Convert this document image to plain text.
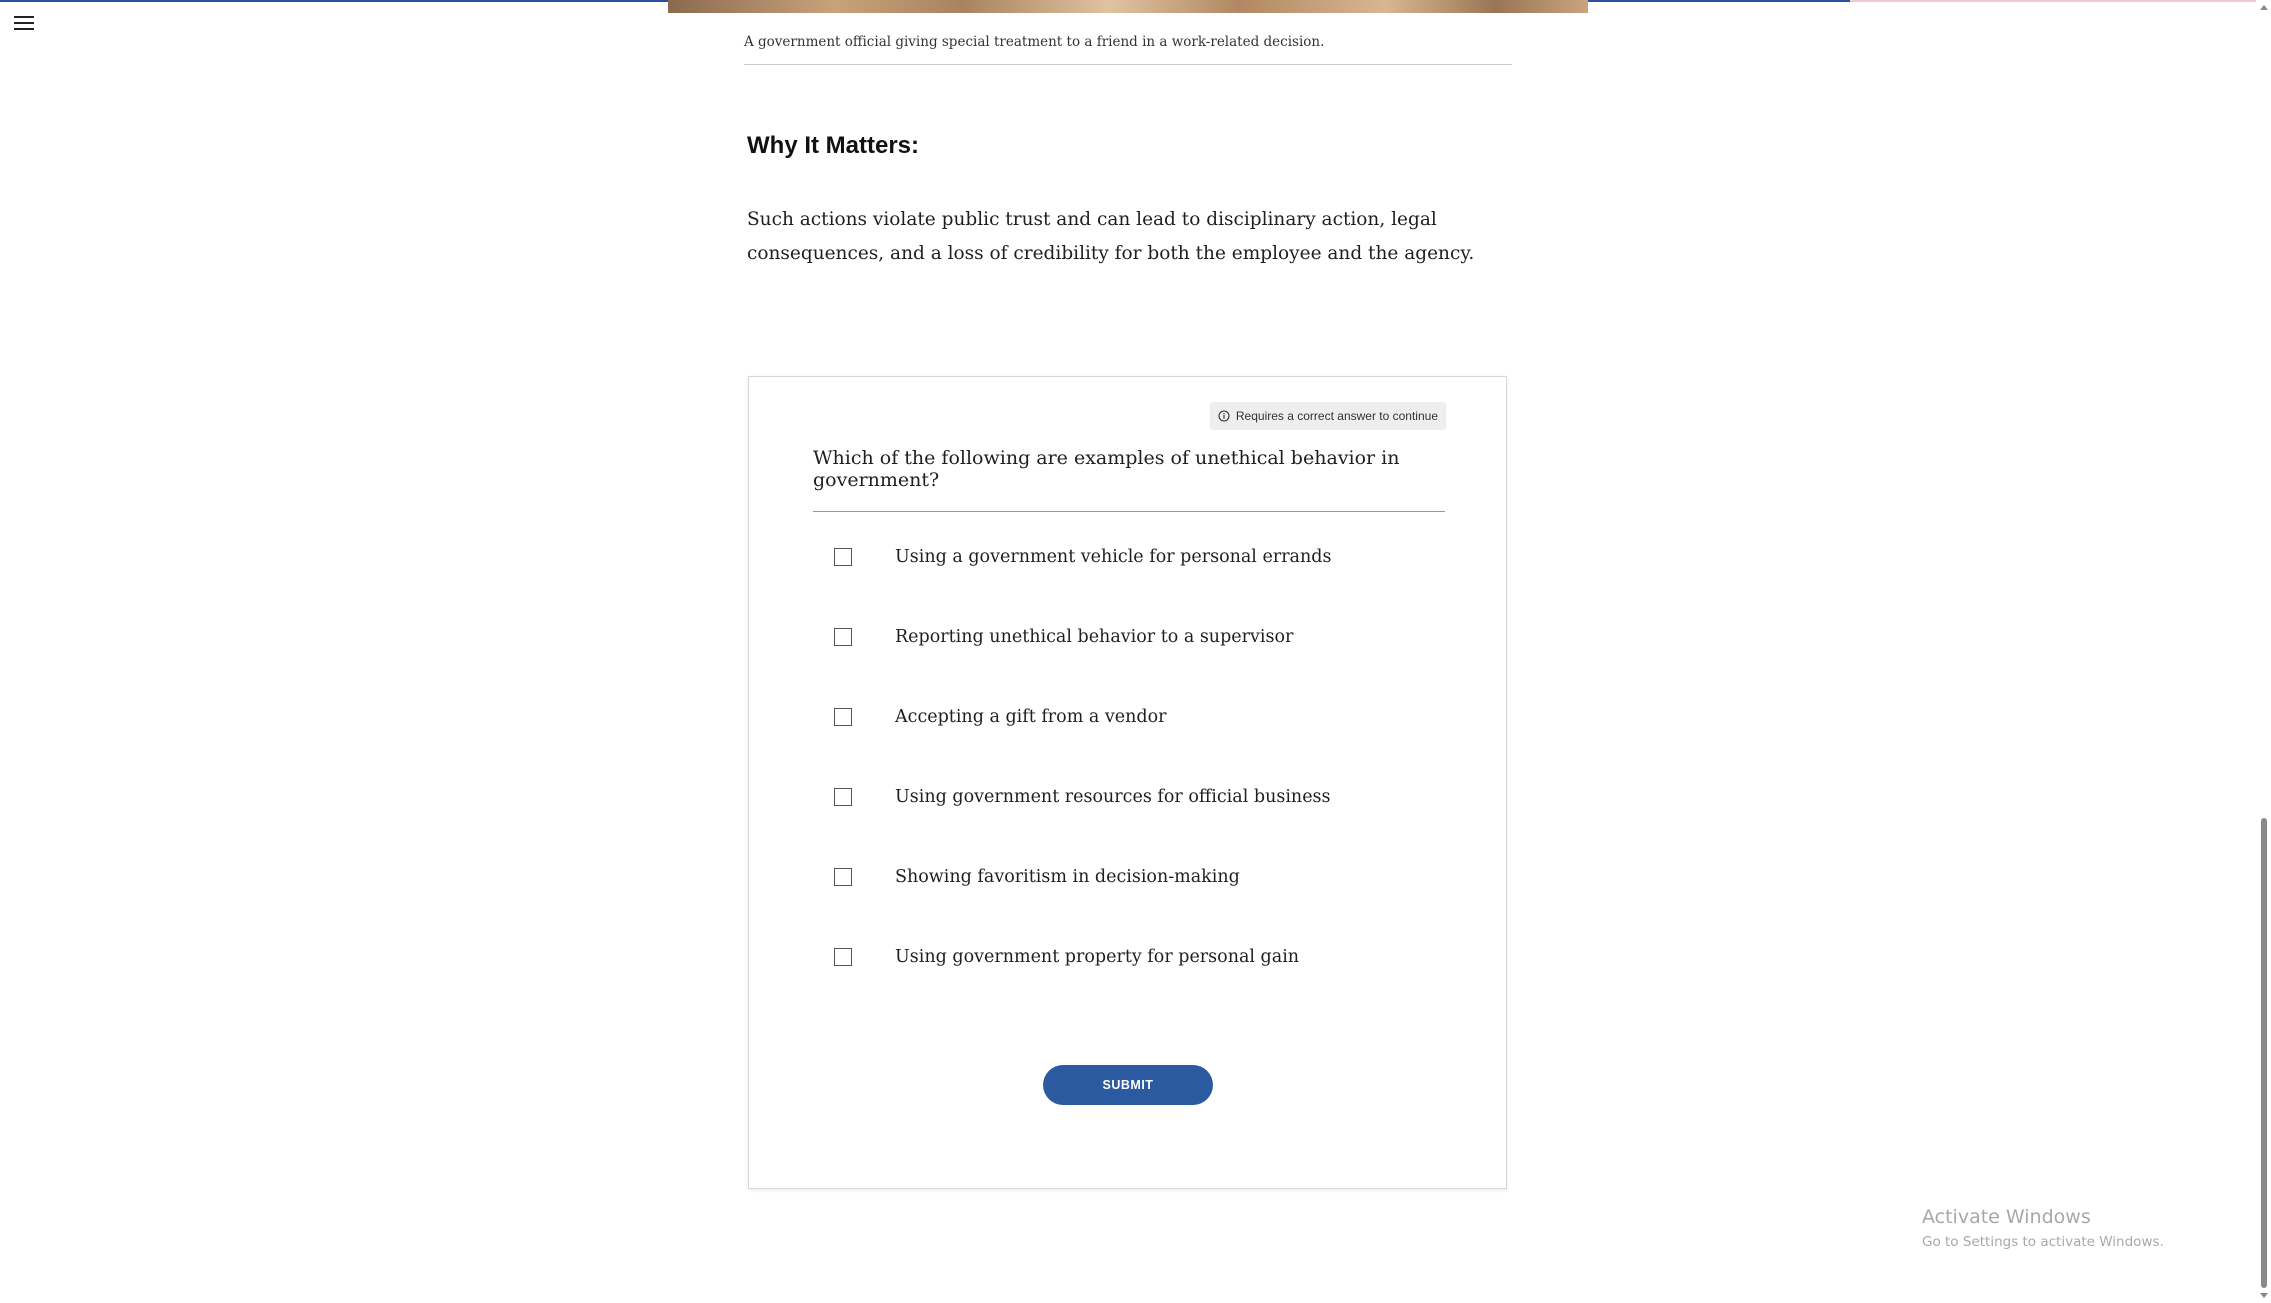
A government official giving special treatment to a friend in a work-related decision.
Why It Matters:

Such actions violate public trust and can lead to disciplinary action, legal consequences, and a loss of credibility for both the employee and the agency.

Requires a correct answer to continue
Which of the following are examples of unethical behavior in government?
Using a government vehicle for personal errands
Reporting unethical behavior to a supervisor
Accepting a gift from a vendor
Using government resources for official business
Showing favoritism in decision-making
Using government property for personal gain
SUBMIT
Activate Windows
Go to Settings to activate Windows.
